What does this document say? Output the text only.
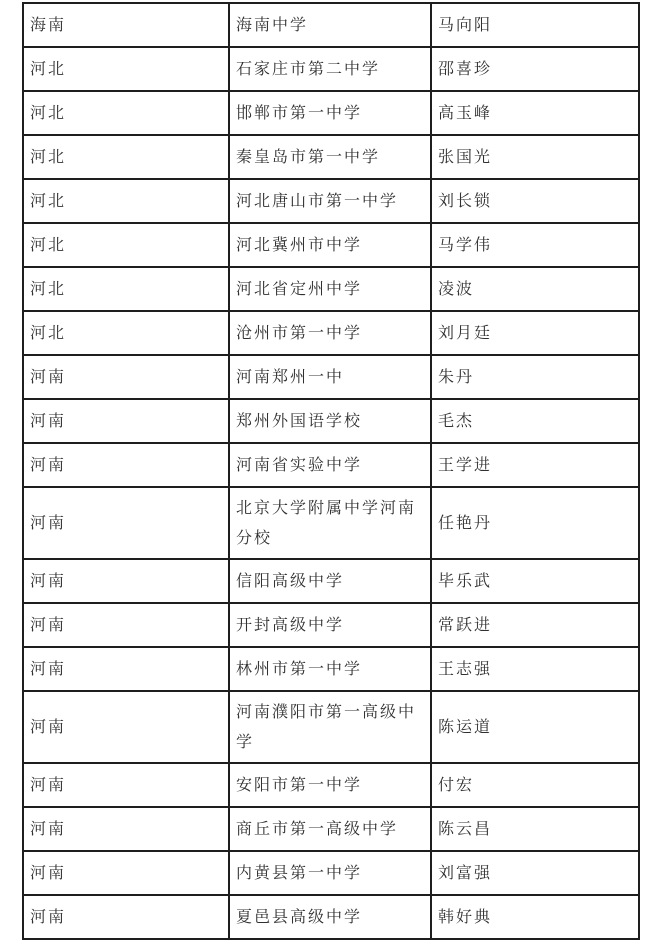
海南	海南中学	马向阳
河北	石家庄市第二中学	邵喜珍
河北	邯郸市第一中学	高玉峰
河北	秦皇岛市第一中学	张国光
河北	河北唐山市第一中学	刘长锁
河北	河北冀州市中学	马学伟
河北	河北省定州中学	凌波
河北	沧州市第一中学	刘月廷
河南	河南郑州一中	朱丹
河南	郑州外国语学校	毛杰
河南	河南省实验中学	王学进
河南	北京大学附属中学河南分校	任艳丹
河南	信阳高级中学	毕乐武
河南	开封高级中学	常跃进
河南	林州市第一中学	王志强
河南	河南濮阳市第一高级中学	陈运道
河南	安阳市第一中学	付宏
河南	商丘市第一高级中学	陈云昌
河南	内黄县第一中学	刘富强
河南	夏邑县高级中学	韩好典
